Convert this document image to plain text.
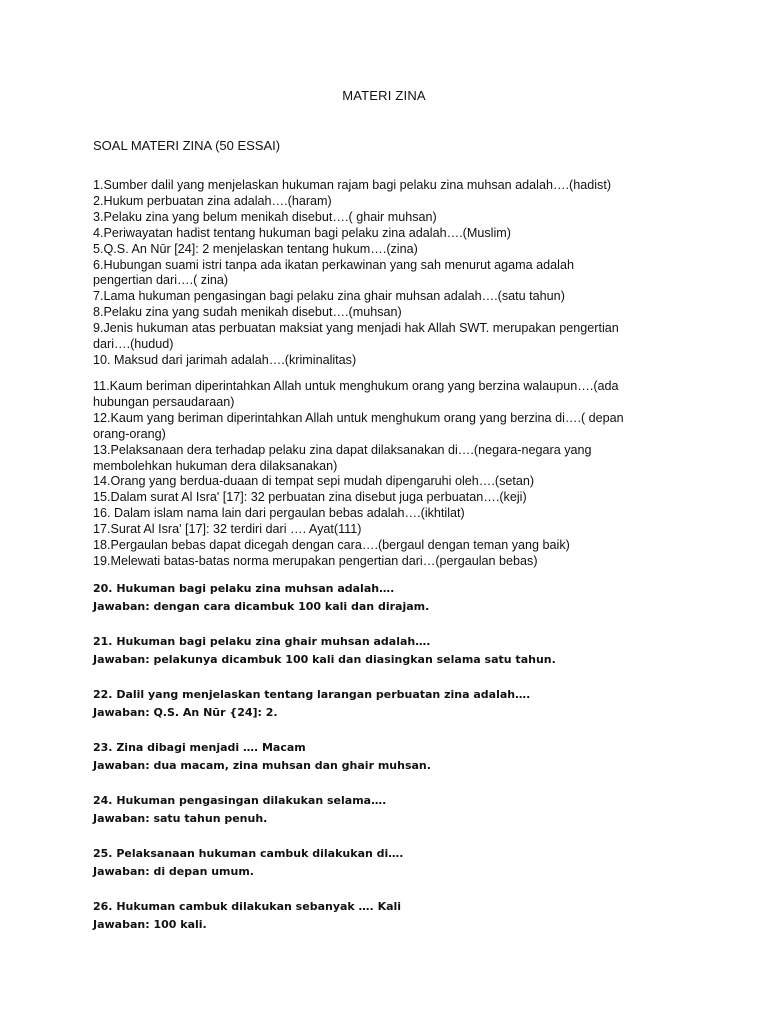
MATERI ZINA
SOAL MATERI ZINA (50 ESSAI)
1.Sumber dalil yang menjelaskan hukuman rajam bagi pelaku zina muhsan adalah….(hadist)
2.Hukum perbuatan zina adalah….(haram)
3.Pelaku zina yang belum menikah disebut….( ghair muhsan)
4.Periwayatan hadist tentang hukuman bagi pelaku zina adalah….(Muslim)
5.Q.S. An Nūr [24]: 2 menjelaskan tentang hukum….(zina)
6.Hubungan suami istri tanpa ada ikatan perkawinan yang sah menurut agama adalah
pengertian dari….( zina)
7.Lama hukuman pengasingan bagi pelaku zina ghair muhsan adalah….(satu tahun)
8.Pelaku zina yang sudah menikah disebut….(muhsan)
9.Jenis hukuman atas perbuatan maksiat yang menjadi hak Allah SWT. merupakan pengertian
dari….(hudud)
10. Maksud dari jarimah adalah….(kriminalitas)
11.Kaum beriman diperintahkan Allah untuk menghukum orang yang berzina walaupun….(ada
hubungan persaudaraan)
12.Kaum yang beriman diperintahkan Allah untuk menghukum orang yang berzina di….( depan
orang-orang)
13.Pelaksanaan dera terhadap pelaku zina dapat dilaksanakan di….(negara-negara yang
membolehkan hukuman dera dilaksanakan)
14.Orang yang berdua-duaan di tempat sepi mudah dipengaruhi oleh….(setan)
15.Dalam surat Al Isra' [17]: 32 perbuatan zina disebut juga perbuatan….(keji)
16. Dalam islam nama lain dari pergaulan bebas adalah….(ikhtilat)
17.Surat Al Isra' [17]: 32 terdiri dari …. Ayat(111)
18.Pergaulan bebas dapat dicegah dengan cara….(bergaul dengan teman yang baik)
19.Melewati batas-batas norma merupakan pengertian dari…(pergaulan bebas)
20. Hukuman bagi pelaku zina muhsan adalah….
Jawaban: dengan cara dicambuk 100 kali dan dirajam.
21. Hukuman bagi pelaku zina ghair muhsan adalah….
Jawaban: pelakunya dicambuk 100 kali dan diasingkan selama satu tahun.
22. Dalil yang menjelaskan tentang larangan perbuatan zina adalah….
Jawaban: Q.S. An Nūr {24]: 2.
23. Zina dibagi menjadi …. Macam
Jawaban: dua macam, zina muhsan dan ghair muhsan.
24. Hukuman pengasingan dilakukan selama….
Jawaban: satu tahun penuh.
25. Pelaksanaan hukuman cambuk dilakukan di….
Jawaban: di depan umum.
26. Hukuman cambuk dilakukan sebanyak …. Kali
Jawaban: 100 kali.
